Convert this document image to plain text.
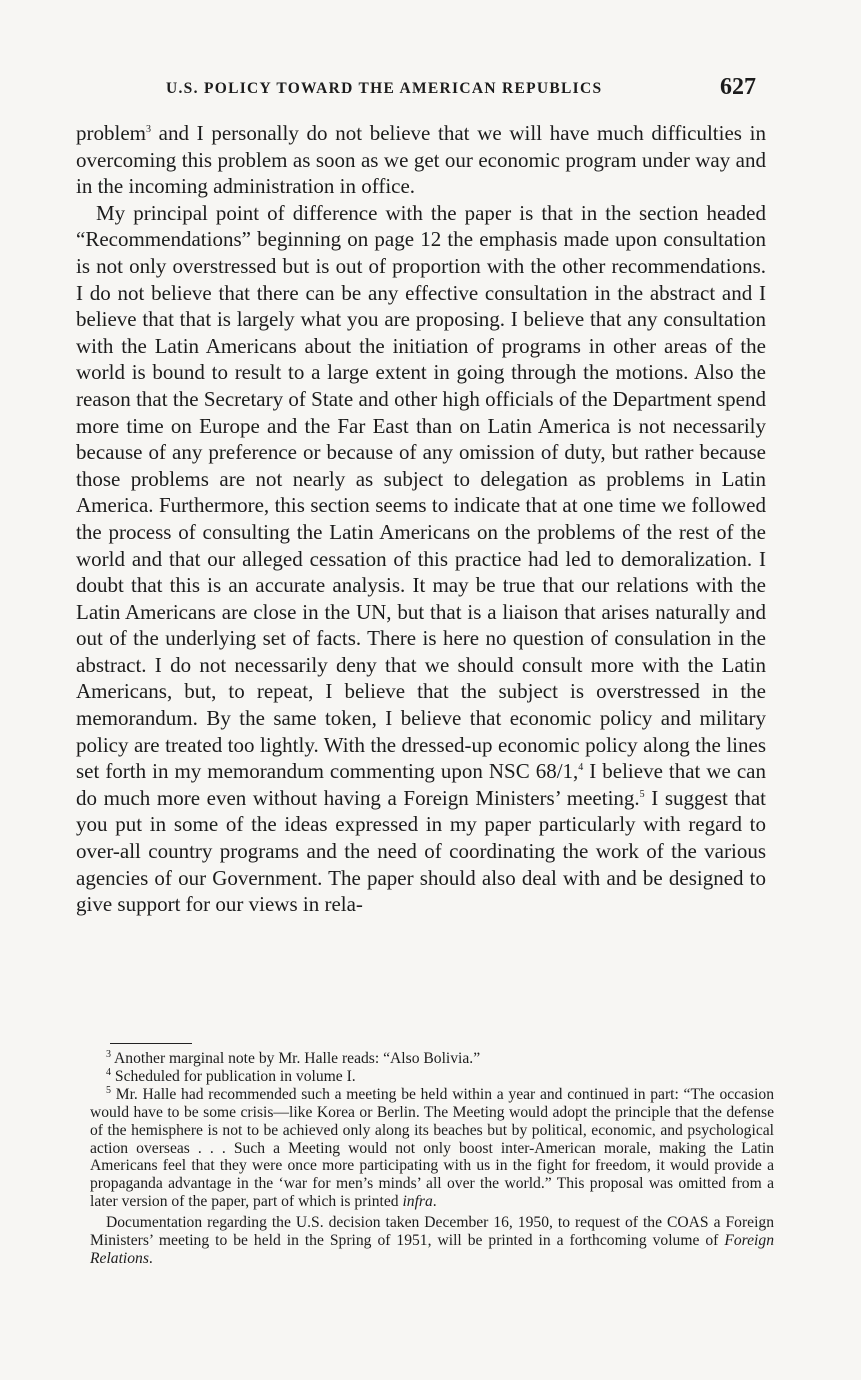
U.S. POLICY TOWARD THE AMERICAN REPUBLICS	627

problem$^3$ and I personally do not believe that we will have much difficulties in overcoming this problem as soon as we get our economic program under way and in the incoming administration in office.

My principal point of difference with the paper is that in the section headed “Recommendations” beginning on page 12 the emphasis made upon consultation is not only overstressed but is out of proportion with the other recommendations. I do not believe that there can be any effective consultation in the abstract and I believe that that is largely what you are proposing. I believe that any consultation with the Latin Americans about the initiation of programs in other areas of the world is bound to result to a large extent in going through the motions. Also the reason that the Secretary of State and other high officials of the Department spend more time on Europe and the Far East than on Latin America is not necessarily because of any preference or because of any omission of duty, but rather because those problems are not nearly as subject to delegation as problems in Latin America. Furthermore, this section seems to indicate that at one time we followed the process of consulting the Latin Americans on the problems of the rest of the world and that our alleged cessation of this practice had led to demoralization. I doubt that this is an accurate analysis. It may be true that our relations with the Latin Americans are close in the UN, but that is a liaison that arises naturally and out of the underlying set of facts. There is here no question of consulation in the abstract. I do not necessarily deny that we should consult more with the Latin Americans, but, to repeat, I believe that the subject is overstressed in the memorandum. By the same token, I believe that economic policy and military policy are treated too lightly. With the dressed-up economic policy along the lines set forth in my memorandum commenting upon NSC 68/1,$^4$ I believe that we can do much more even without having a Foreign Ministers’ meeting.$^5$ I suggest that you put in some of the ideas expressed in my paper particularly with regard to over-all country programs and the need of coordinating the work of the various agencies of our Government. The paper should also deal with and be designed to give support for our views in rela-

$^3$ Another marginal note by Mr. Halle reads: “Also Bolivia.”

$^4$ Scheduled for publication in volume I.

$^5$ Mr. Halle had recommended such a meeting be held within a year and continued in part: “The occasion would have to be some crisis—like Korea or Berlin. The Meeting would adopt the principle that the defense of the hemisphere is not to be achieved only along its beaches but by political, economic, and psychological action overseas . . . Such a Meeting would not only boost inter-American morale, making the Latin Americans feel that they were once more participating with us in the fight for freedom, it would provide a propaganda advantage in the ‘war for men’s minds’ all over the world.” This proposal was omitted from a later version of the paper, part of which is printed infra.

Documentation regarding the U.S. decision taken December 16, 1950, to request of the COAS a Foreign Ministers’ meeting to be held in the Spring of 1951, will be printed in a forthcoming volume of Foreign Relations.
